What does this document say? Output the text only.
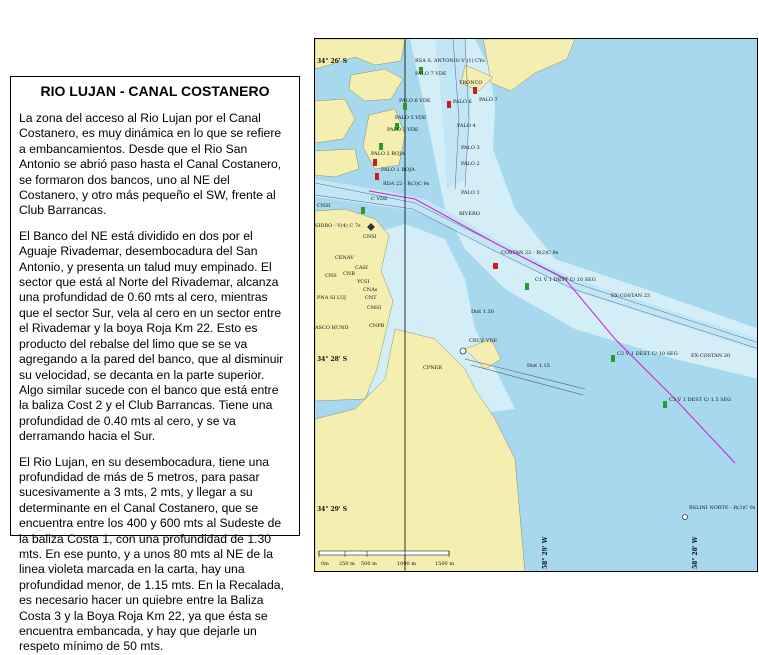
RIO LUJAN - CANAL COSTANERO

La zona del acceso al Rio Lujan por el Canal Costanero, es muy dinámica en lo que se refiere a embancamientos. Desde que el Rio San Antonio se abrió paso hasta el Canal Costanero, se formaron dos bancos, uno al NE del Costanero, y otro más pequeño el SW, frente al Club Barrancas.

El Banco del NE está dividido en dos por el Aguaje Rivademar, desembocadura del San Antonio, y presenta un talud muy empinado. El sector que está al Norte del Rivademar, alcanza una profundidad de 0.60 mts al cero, mientras que el sector Sur, vela al cero en un sector entre el Rivademar y la boya Roja Km 22. Esto es producto del rebalse del limo que se se va agregando a la pared del banco, que al disminuir su velocidad, se decanta en la parte superior. Algo similar sucede con el banco que está entre la baliza Cost 2 y el Club Barrancas. Tiene una profundidad de 0.40 mts al cero, y se va derramando hacia el Sur.

El Rio Lujan, en su desembocadura, tiene una profundidad de más de 5 metros, para pasar sucesivamente a 3 mts, 2 mts, y llegar a su determinante en el Canal Costanero, que se encuentra entre los 400 y 600 mts al Sudeste de la baliza Costa 1, con una profundidad de 1.30 mts. En ese punto, y a unos 80 mts al NE de la linea violeta marcada en la carta, hay una profundidad menor, de 1.15 mts. En la Recalada, es necesario hacer un quiebre entre la Baliza Costa 3 y la Boya Roja Km 22, ya que ésta se encuentra embancada, y hay que dejarle un respeto mínimo de 50 mts.

34° 26' S
34° 28' S
34° 29' S
58° 29' W	58° 28' W
RSA S. ANTONIO V (1) CYs
PALO 7 VDE
PALO 7
TRONCO
PALO 6 VDE	PALO 6
PALO 5 VDE
PALO 4
PALO 3 VDE
PALO 3
PALO 2 ROJA
PALO 2
PALO 1 ROJA
PALO 1
RDA 22 - R(3)C 9s
C VDE
RIVERO
CNSI
SIDRO - V(4) C 7s
CNSI
CENAV
CASI
CNS CNB
YCSI
CNAs
PNA SI LUJ	CNT
CMSI
ASCO HUND	CNPB
COSTAN 22 - R(2)C 9s
C1 V 1 DEST C/ 10 SEG
EX-COSTAN 23
Dist 1.30
CRUZ VDE
CPNER	Dist 1.15
C2 V 1 DEST C/ 10 SEG	EX-COSTAN 20
C3 V 1 DEST C/ 1.5 SEG
BSLINI NORTE - R(3)C 9s
0m 250 m 500 m	1000 m	1500 m
